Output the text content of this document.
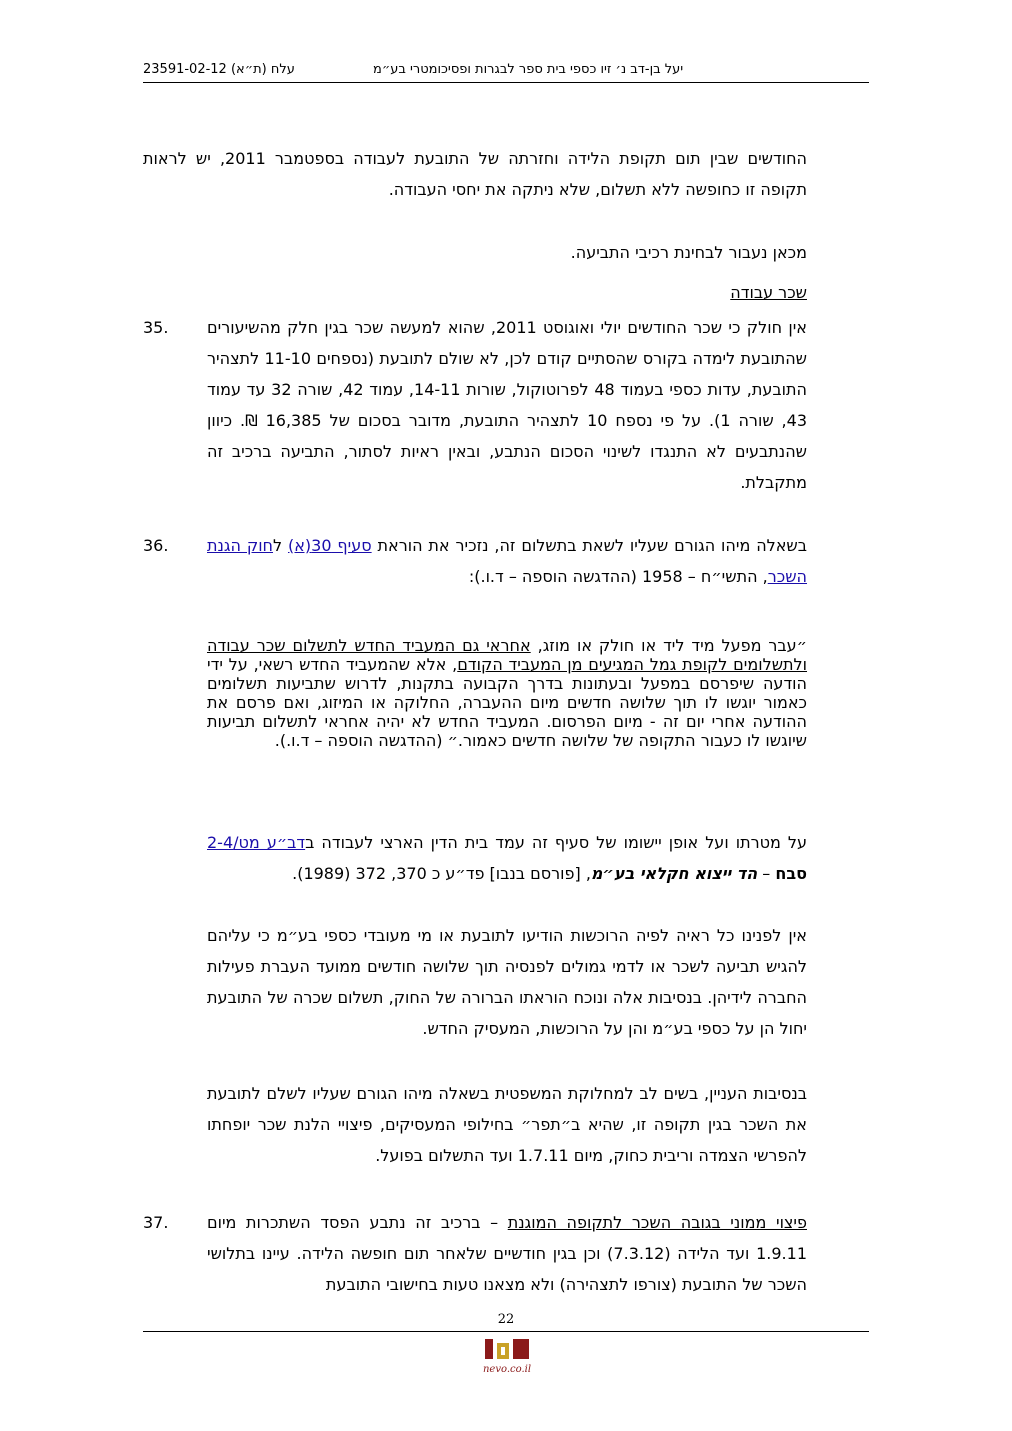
עלח (ת״א) 23591-02-12	יעל בן-דב נ׳ זיו כספי בית ספר לבגרות ופסיכומטרי בע״מ
החודשים שבין תום תקופת הלידה וחזרתה של התובעת לעבודה בספטמבר 2011, יש לראות תקופה זו כחופשה ללא תשלום, שלא ניתקה את יחסי העבודה.
מכאן נעבור לבחינת רכיבי התביעה.
שכר עבודה
35.	אין חולק כי שכר החודשים יולי ואוגוסט 2011, שהוא למעשה שכר בגין חלק מהשיעורים שהתובעת לימדה בקורס שהסתיים קודם לכן, לא שולם לתובעת (נספחים 11-10 לתצהיר התובעת, עדות כספי בעמוד 48 לפרוטוקול, שורות 14-11, עמוד 42, שורה 32 עד עמוד 43, שורה 1). על פי נספח 10 לתצהיר התובעת, מדובר בסכום של 16,385 ₪. כיוון שהנתבעים לא התנגדו לשינוי הסכום הנתבע, ובאין ראיות לסתור, התביעה ברכיב זה מתקבלת.
36.	בשאלה מיהו הגורם שעליו לשאת בתשלום זה, נזכיר את הוראת סעיף 30(א) לחוק הגנת השכר, התשי״ח – 1958 (ההדגשה הוספה – ד.ו.):
״עבר מפעל מיד ליד או חולק או מוזג, אחראי גם המעביד החדש לתשלום שכר עבודה ולתשלומים לקופת גמל המגיעים מן המעביד הקודם, אלא שהמעביד החדש רשאי, על ידי הודעה שיפרסם במפעל ובעתונות בדרך הקבועה בתקנות, לדרוש שתביעות תשלומים כאמור יוגשו לו תוך שלושה חדשים מיום ההעברה, החלוקה או המיזוג, ואם פרסם את ההודעה אחרי יום זה - מיום הפרסום. המעביד החדש לא יהיה אחראי לתשלום תביעות שיוגשו לו כעבור התקופה של שלושה חדשים כאמור.״ (ההדגשה הוספה – ד.ו.).
על מטרתו ועל אופן יישומו של סעיף זה עמד בית הדין הארצי לעבודה בדב״ע מט/2-4 סבח – הד ייצוא חקלאי בע״מ, [פורסם בנבו] פד״ע כ 370, 372 (1989).
אין לפנינו כל ראיה לפיה הרוכשות הודיעו לתובעת או מי מעובדי כספי בע״מ כי עליהם להגיש תביעה לשכר או לדמי גמולים לפנסיה תוך שלושה חודשים ממועד העברת פעילות החברה לידיהן. בנסיבות אלה ונוכח הוראתו הברורה של החוק, תשלום שכרה של התובעת יחול הן על כספי בע״מ והן על הרוכשות, המעסיק החדש.
בנסיבות העניין, בשים לב למחלוקת המשפטית בשאלה מיהו הגורם שעליו לשלם לתובעת את השכר בגין תקופה זו, שהיא ב״תפר״ בחילופי המעסיקים, פיצויי הלנת שכר יופחתו להפרשי הצמדה וריבית כחוק, מיום 1.7.11 ועד התשלום בפועל.
37.	פיצוי ממוני בגובה השכר לתקופה המוגנת – ברכיב זה נתבע הפסד השתכרות מיום 1.9.11 ועד הלידה (7.3.12) וכן בגין חודשיים שלאחר תום חופשה הלידה. עיינו בתלושי השכר של התובעת (צורפו לתצהירה) ולא מצאנו טעות בחישובי התובעת
22
nevo.co.il
